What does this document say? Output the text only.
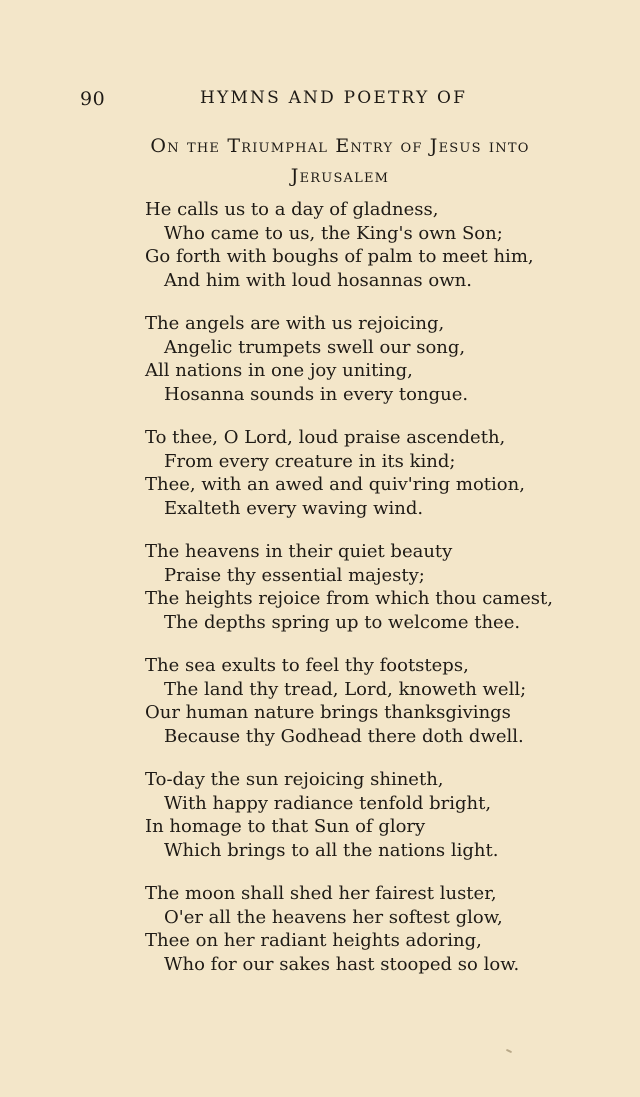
90	HYMNS AND POETRY OF
On the Triumphal Entry of Jesus into
Jerusalem
He calls us to a day of gladness,
Who came to us, the King's own Son;
Go forth with boughs of palm to meet him,
And him with loud hosannas own.
The angels are with us rejoicing,
Angelic trumpets swell our song,
All nations in one joy uniting,
Hosanna sounds in every tongue.
To thee, O Lord, loud praise ascendeth,
From every creature in its kind;
Thee, with an awed and quiv'ring motion,
Exalteth every waving wind.
The heavens in their quiet beauty
Praise thy essential majesty;
The heights rejoice from which thou camest,
The depths spring up to welcome thee.
The sea exults to feel thy footsteps,
The land thy tread, Lord, knoweth well;
Our human nature brings thanksgivings
Because thy Godhead there doth dwell.
To-day the sun rejoicing shineth,
With happy radiance tenfold bright,
In homage to that Sun of glory
Which brings to all the nations light.
The moon shall shed her fairest luster,
O'er all the heavens her softest glow,
Thee on her radiant heights adoring,
Who for our sakes hast stooped so low.
